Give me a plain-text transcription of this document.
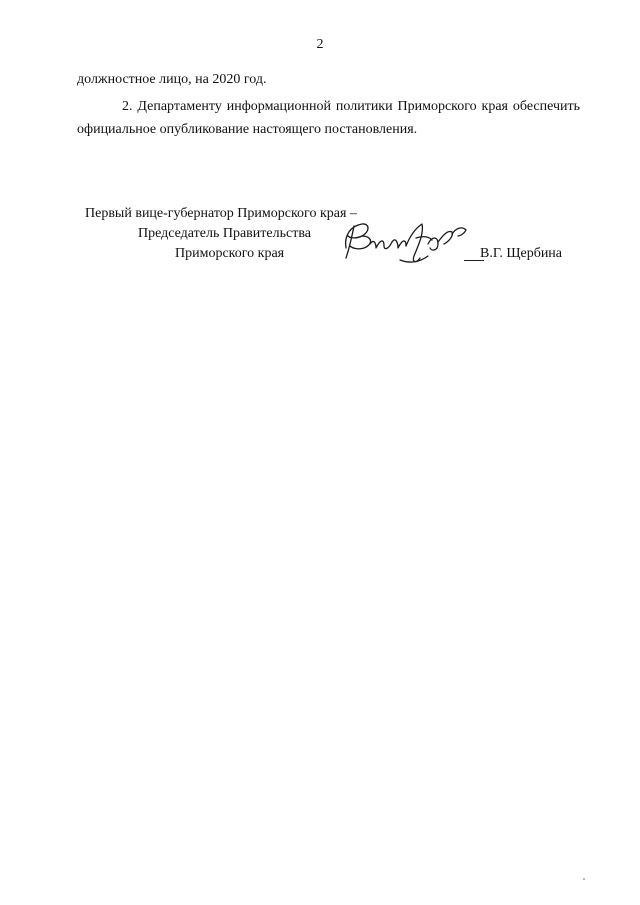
2
должностное лицо, на 2020 год.
2. Департаменту информационной политики Приморского края обеспечить официальное опубликование настоящего постановления.
Первый вице-губернатор Приморского края –
Председатель Правительства
Приморского края	В.Г. Щербина
